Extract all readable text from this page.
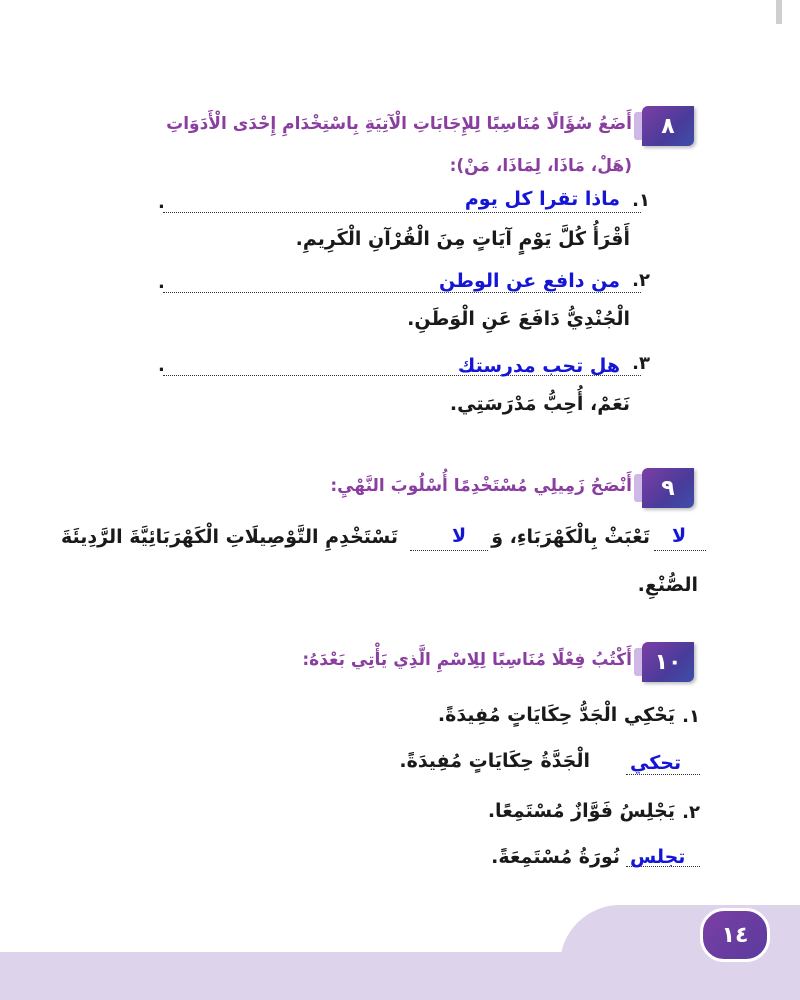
٨
أَضَعُ سُؤَالًا مُنَاسِبًا لِلإِجَابَاتِ الْآتِيَةِ بِاسْتِخْدَامِ إِحْدَى الْأَدَوَاتِ
(هَلْ، مَاذَا، لِمَاذَا، مَنْ):
١.
ماذا تقرا كل يوم
.
أَقْرَأُ كُلَّ يَوْمٍ آيَاتٍ مِنَ الْقُرْآنِ الْكَرِيمِ.
٢.
من دافع عن الوطن
.
الْجُنْدِيُّ دَافَعَ عَنِ الْوَطَنِ.
٣.
هل تحب مدرستك
.
نَعَمْ، أُحِبُّ مَدْرَسَتِي.
٩
أَنْصَحُ زَمِيلِي مُسْتَخْدِمًا أُسْلُوبَ النَّهْيِ:
لا
تَعْبَثْ بِالْكَهْرَبَاءِ، وَ
لا
تَسْتَخْدِمِ التَّوْصِيلَاتِ الْكَهْرَبَائِيَّةَ الرَّدِيئَةَ
الصُّنْعِ.
١٠
أَكْتُبُ فِعْلًا مُنَاسِبًا لِلِاسْمِ الَّذِي يَأْتِي بَعْدَهُ:
١.
يَحْكِي الْجَدُّ حِكَايَاتٍ مُفِيدَةً.
تحكي
الْجَدَّةُ حِكَايَاتٍ مُفِيدَةً.
٢.
يَجْلِسُ فَوَّازٌ مُسْتَمِعًا.
تجلس
نُورَةُ مُسْتَمِعَةً.
١٤
